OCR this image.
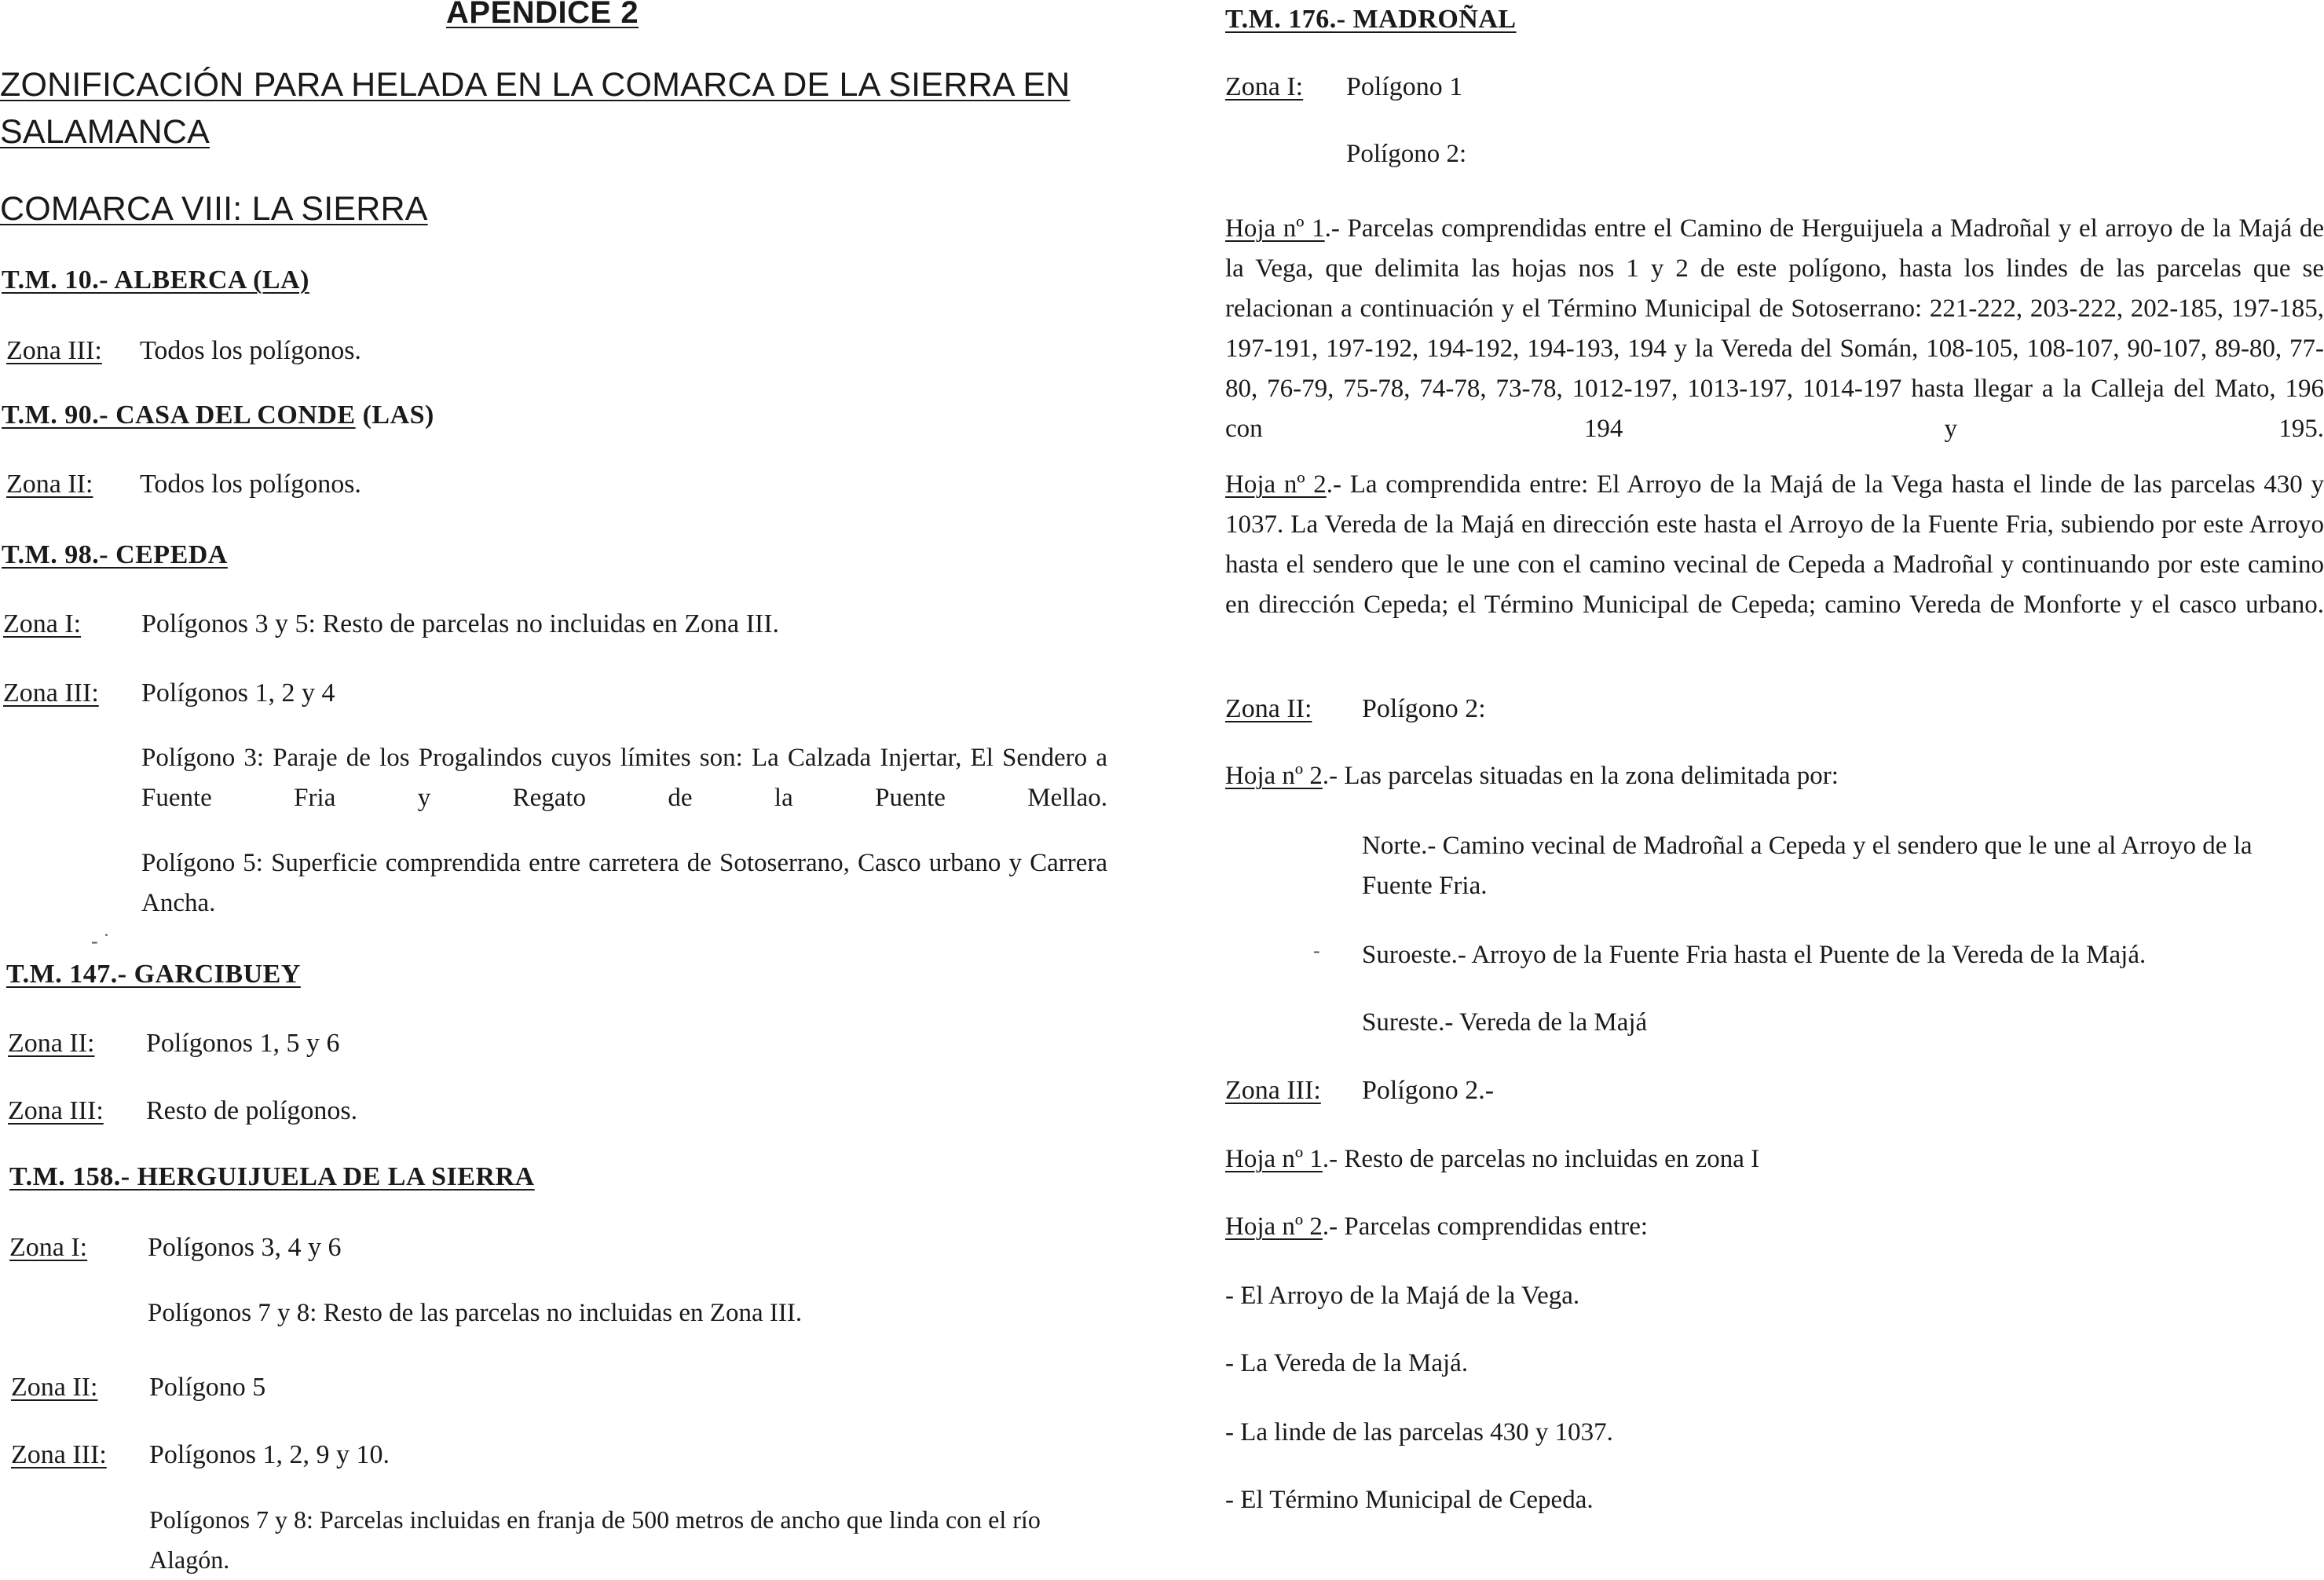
APENDICE 2
ZONIFICACIÓN PARA HELADA EN LA COMARCA DE LA SIERRA EN SALAMANCA
COMARCA VIII: LA SIERRA
T.M. 10.- ALBERCA (LA)
Zona III: Todos los polígonos.
T.M. 90.- CASA DEL CONDE (LAS)
Zona II: Todos los polígonos.
T.M. 98.- CEPEDA
Zona I: Polígonos 3 y 5: Resto de parcelas no incluidas en Zona III.
Zona III: Polígonos 1, 2 y 4

Polígono 3: Paraje de los Progalindos cuyos límites son: La Calzada Injertar, El Sendero a Fuente Fria y Regato de la Puente Mellao.

Polígono 5: Superficie comprendida entre carretera de Sotoserrano, Casco urbano y Carrera Ancha.

- ˙
T.M. 147.- GARCIBUEY
Zona II: Polígonos 1, 5 y 6
Zona III: Resto de polígonos.
T.M. 158.- HERGUIJUELA DE LA SIERRA
Zona I: Polígonos 3, 4 y 6
Polígonos 7 y 8: Resto de las parcelas no incluidas en Zona III.
Zona II: Polígono 5
Zona III: Polígonos 1, 2, 9 y 10.

Polígonos 7 y 8: Parcelas incluidas en franja de 500 metros de ancho que linda con el río Alagón.

T.M. 176.- MADROÑAL
Zona I: Polígono 1
Polígono 2:

Hoja nº 1.- Parcelas comprendidas entre el Camino de Herguijuela a Madroñal y el arroyo de la Majá de la Vega, que delimita las hojas nos 1 y 2 de este polígono, hasta los lindes de las parcelas que se relacionan a continuación y el Término Municipal de Sotoserrano: 221-222, 203-222, 202-185, 197-185, 197-191, 197-192, 194-192, 194-193, 194 y la Vereda del Somán, 108-105, 108-107, 90-107, 89-80, 77-80, 76-79, 75-78, 74-78, 73-78, 1012-197, 1013-197, 1014-197 hasta llegar a la Calleja del Mato, 196 con 194 y 195.

Hoja nº 2.- La comprendida entre: El Arroyo de la Majá de la Vega hasta el linde de las parcelas 430 y 1037. La Vereda de la Majá en dirección este hasta el Arroyo de la Fuente Fria, subiendo por este Arroyo hasta el sendero que le une con el camino vecinal de Cepeda a Madroñal y continuando por este camino en dirección Cepeda; el Término Municipal de Cepeda; camino Vereda de Monforte y el casco urbano.

Zona II: Polígono 2:
Hoja nº 2.- Las parcelas situadas en la zona delimitada por:

Norte.- Camino vecinal de Madroñal a Cepeda y el sendero que le une al Arroyo de la Fuente Fria.

- Suroeste.- Arroyo de la Fuente Fria hasta el Puente de la Vereda de la Majá.
Sureste.- Vereda de la Majá
Zona III: Polígono 2.-
Hoja nº 1.- Resto de parcelas no incluidas en zona I
Hoja nº 2.- Parcelas comprendidas entre:
- El Arroyo de la Majá de la Vega.
- La Vereda de la Majá.
- La linde de las parcelas 430 y 1037.
- El Término Municipal de Cepeda.
